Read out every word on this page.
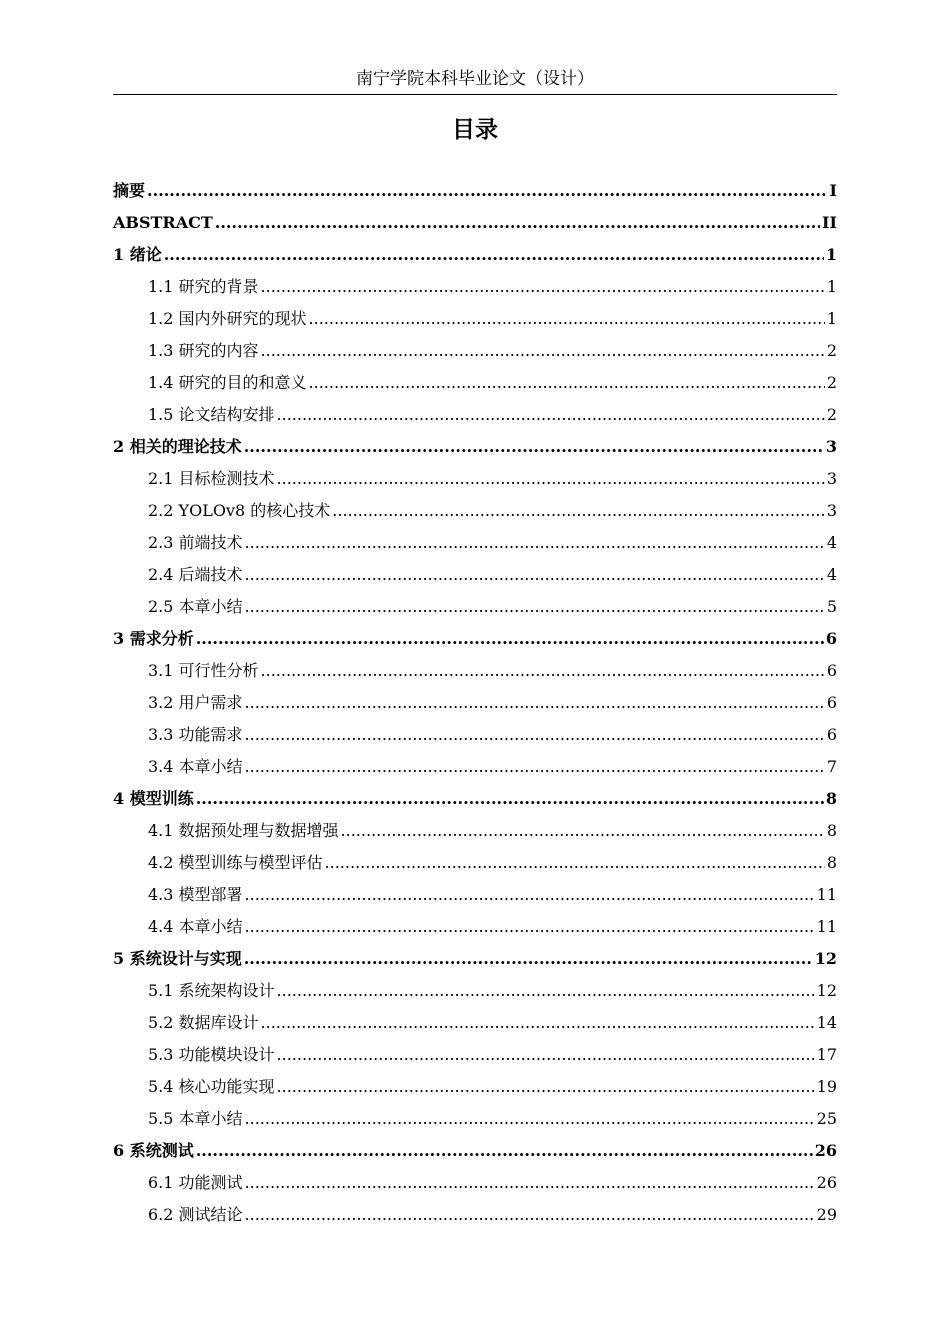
南宁学院本科毕业论文（设计）
目录
摘要 .....	I
ABSTRACT .....	II
1 绪论 .....	1
1.1 研究的背景 .....	1
1.2 国内外研究的现状 .....	1
1.3 研究的内容 .....	2
1.4 研究的目的和意义 .....	2
1.5 论文结构安排 .....	2
2 相关的理论技术 .....	3
2.1 目标检测技术 .....	3
2.2 YOLOv8 的核心技术 .....	3
2.3 前端技术 .....	4
2.4 后端技术 .....	4
2.5 本章小结 .....	5
3 需求分析 .....	6
3.1 可行性分析 .....	6
3.2 用户需求 .....	6
3.3 功能需求 .....	6
3.4 本章小结 .....	7
4 模型训练 .....	8
4.1 数据预处理与数据增强 .....	8
4.2 模型训练与模型评估 .....	8
4.3 模型部署 .....	11
4.4 本章小结 .....	11
5 系统设计与实现 .....	12
5.1 系统架构设计 .....	12
5.2 数据库设计 .....	14
5.3 功能模块设计 .....	17
5.4 核心功能实现 .....	19
5.5 本章小结 .....	25
6 系统测试 .....	26
6.1 功能测试 .....	26
6.2 测试结论 .....	29
